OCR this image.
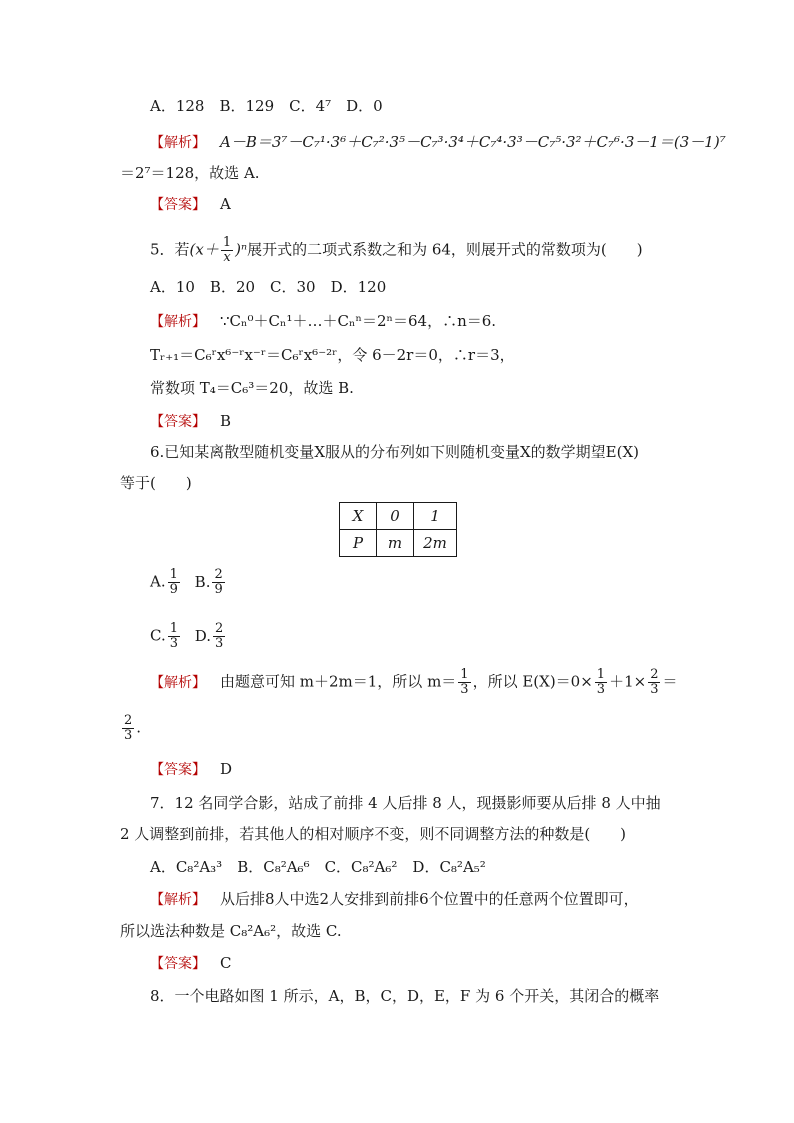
A．128　B．129　C．4⁷　D．0
【解析】 A－B＝3⁷－C₇¹·3⁶＋C₇²·3⁵－C₇³·3⁴＋C₇⁴·3³－C₇⁵·3²＋C₇⁶·3－1＝(3－1)⁷
＝2⁷＝128，故选 A.
【答案】 A
5．若$(x+ \frac{1}{x} )^n$展开式的二项式系数之和为 64，则展开式的常数项为(　　)
A．10　B．20　C．30　D．120
【解析】 ∵Cₙ⁰＋Cₙ¹＋…＋Cₙⁿ＝2ⁿ＝64，∴n＝6.
Tᵣ₊₁＝C₆ʳx⁶⁻ʳx⁻ʳ＝C₆ʳx⁶⁻²ʳ，令 6－2r＝0，∴r＝3，
常数项 T₄＝C₆³＝20，故选 B.
【答案】 B
6.已知某离散型随机变量X服从的分布列如下则随机变量X的数学期望E(X)
等于(　　)
X	0	1
P	m	2m
A. $\frac{1}{9} B$. $\frac{2}{9}$
C. $\frac{1}{3} D$. $\frac{2}{3}$
【解析】 由题意可知 m＋2m＝1，所以 $m= \frac{1}{3}$ ，所以 $E(X)=0\times \frac{1}{3} +1\times \frac{2}{3}$ ＝
$\frac{2}{3}$ .
【答案】 D
7．12 名同学合影，站成了前排 4 人后排 8 人，现摄影师要从后排 8 人中抽
2 人调整到前排，若其他人的相对顺序不变，则不同调整方法的种数是(　　)
A．C₈²A₃³　B．C₈²A₆⁶　C．C₈²A₆²　D．C₈²A₅²
【解析】 从后排8人中选2人安排到前排6个位置中的任意两个位置即可，
所以选法种数是 C₈²A₆²，故选 C.
【答案】 C
8．一个电路如图 1 所示，A，B，C，D，E，F 为 6 个开关，其闭合的概率
